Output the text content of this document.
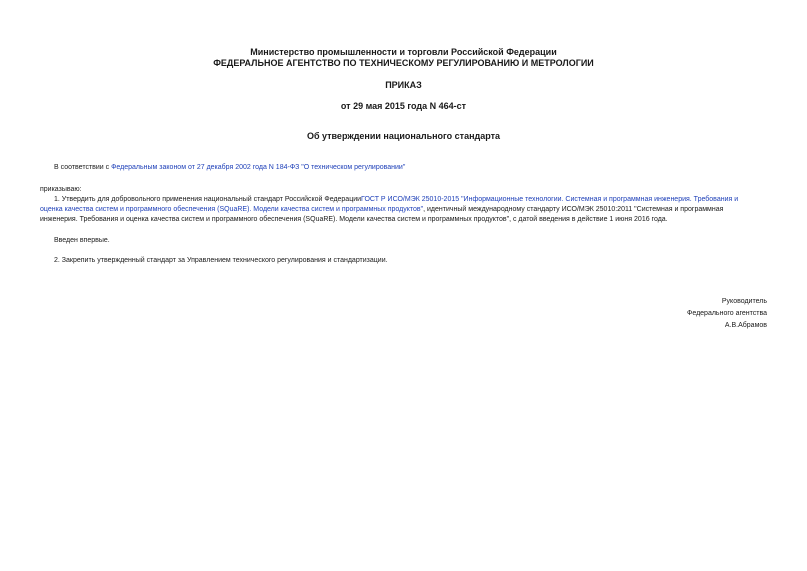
Министерство промышленности и торговли Российской Федерации
ФЕДЕРАЛЬНОЕ АГЕНТСТВО ПО ТЕХНИЧЕСКОМУ РЕГУЛИРОВАНИЮ И МЕТРОЛОГИИ
ПРИКАЗ
от 29 мая 2015 года N 464-ст
Об утверждении национального стандарта
В соответствии с Федеральным законом от 27 декабря 2002 года N 184-ФЗ "О техническом регулировании"
приказываю:
1. Утвердить для добровольного применения национальный стандарт Российской ФедерацииГОСТ Р ИСО/МЭК 25010-2015 "Информационные технологии. Системная и программная инженерия. Требования и
оценка качества систем и программного обеспечения (SQuaRE). Модели качества систем и программных продуктов", идентичный международному стандарту ИСО/МЭК 25010:2011 "Системная и программная
инженерия. Требования и оценка качества систем и программного обеспечения (SQuaRE). Модели качества систем и программных продуктов", с датой введения в действие 1 июня 2016 года.
Введен впервые.
2. Закрепить утвержденный стандарт за Управлением технического регулирования и стандартизации.
Руководитель
Федерального агентства
А.В.Абрамов
